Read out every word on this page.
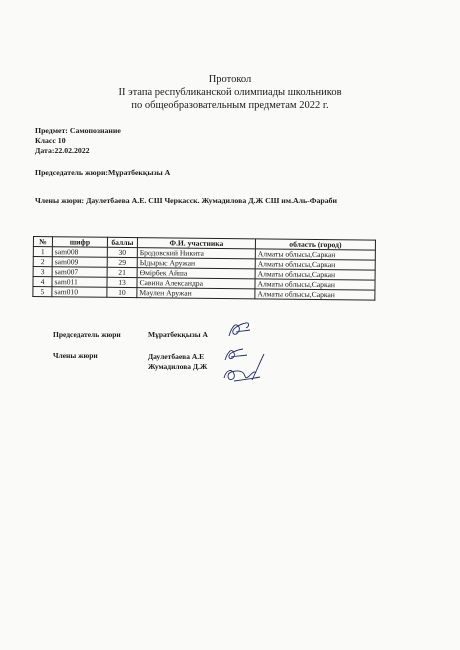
Протокол
II этапа республиканской олимпиады школьников
по общеобразовательным предметам 2022 г.
Предмет: Самопознание
Класс 10
Дата:22.02.2022
Председатель жюри:Мұратбекқызы А
Члены жюри: Даулетбаева А.Е. СШ Черкасск. Жумадилова Д.Ж СШ им.Аль-Фараби
№	шифр	баллы	Ф.И. участника	область (город)
1	sam008	30	Бродовский Никита	Алматы облысы,Саркан
2	sam009	29	Ыдырыс Аружан	Алматы облысы,Саркан
3	sam007	21	Өмірбек Айша	Алматы облысы,Саркан
4	sam011	13	Савина Александра	Алматы облысы,Саркан
5	sam010	10	Мәулен Аружан	Алматы облысы,Саркан
Председатель жюри	Мұратбекқызы А
Члены жюри	Даулетбаева А.Е
Жумадилова Д.Ж
